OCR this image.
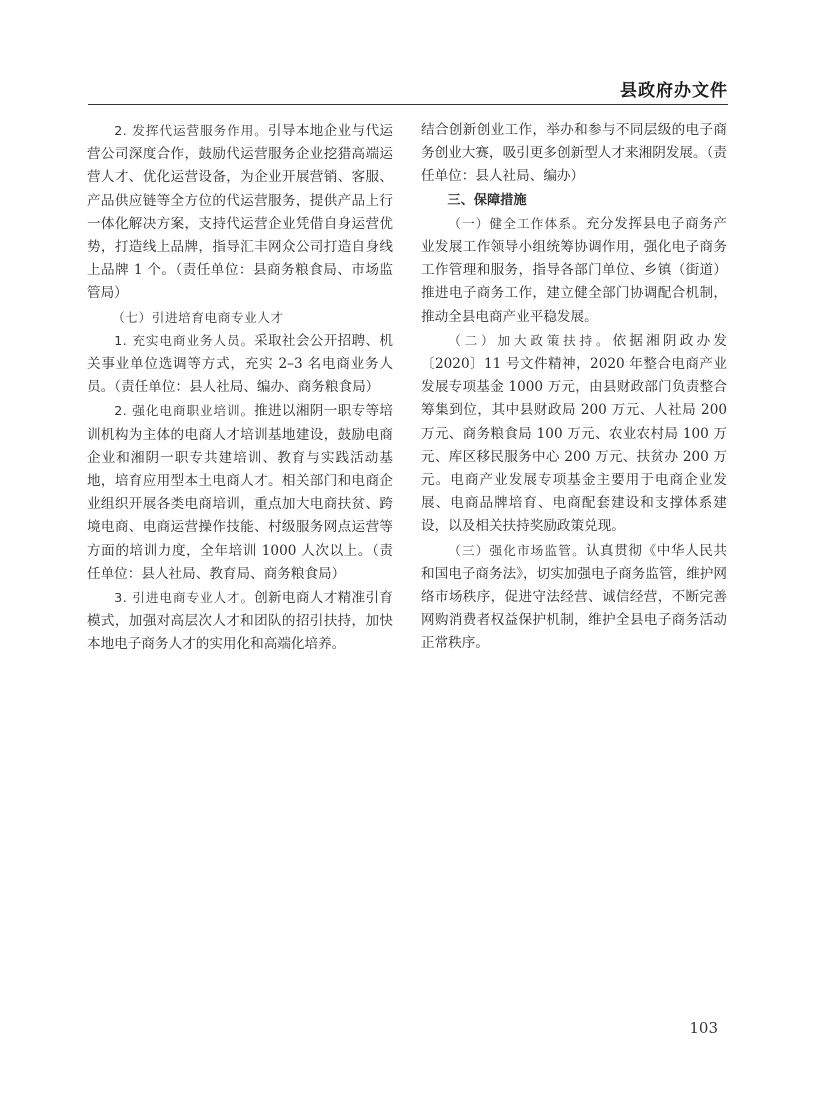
县政府办文件

2. 发挥代运营服务作用。引导本地企业与代运营公司深度合作，鼓励代运营服务企业挖猎高端运营人才、优化运营设备，为企业开展营销、客服、产品供应链等全方位的代运营服务，提供产品上行一体化解决方案，支持代运营企业凭借自身运营优势，打造线上品牌，指导汇丰网众公司打造自身线上品牌 1 个。（责任单位：县商务粮食局、市场监管局）

（七）引进培育电商专业人才

1. 充实电商业务人员。采取社会公开招聘、机关事业单位选调等方式，充实 2–3 名电商业务人员。（责任单位：县人社局、编办、商务粮食局）

2. 强化电商职业培训。推进以湘阴一职专等培训机构为主体的电商人才培训基地建设，鼓励电商企业和湘阴一职专共建培训、教育与实践活动基地，培育应用型本土电商人才。相关部门和电商企业组织开展各类电商培训，重点加大电商扶贫、跨境电商、电商运营操作技能、村级服务网点运营等方面的培训力度，全年培训 1000 人次以上。（责任单位：县人社局、教育局、商务粮食局）

3. 引进电商专业人才。创新电商人才精准引育模式，加强对高层次人才和团队的招引扶持，加快本地电子商务人才的实用化和高端化培养。

结合创新创业工作，举办和参与不同层级的电子商务创业大赛，吸引更多创新型人才来湘阴发展。（责任单位：县人社局、编办）

三、保障措施

（一）健全工作体系。充分发挥县电子商务产业发展工作领导小组统筹协调作用，强化电子商务工作管理和服务，指导各部门单位、乡镇（街道）推进电子商务工作，建立健全部门协调配合机制，推动全县电商产业平稳发展。

（二）加大政策扶持。依据湘阴政办发〔2020〕11 号文件精神，2020 年整合电商产业发展专项基金 1000 万元，由县财政部门负责整合筹集到位，其中县财政局 200 万元、人社局 200 万元、商务粮食局 100 万元、农业农村局 100 万元、库区移民服务中心 200 万元、扶贫办 200 万元。电商产业发展专项基金主要用于电商企业发展、电商品牌培育、电商配套建设和支撑体系建设，以及相关扶持奖励政策兑现。

（三）强化市场监管。认真贯彻《中华人民共和国电子商务法》，切实加强电子商务监管，维护网络市场秩序，促进守法经营、诚信经营，不断完善网购消费者权益保护机制，维护全县电子商务活动正常秩序。

103
